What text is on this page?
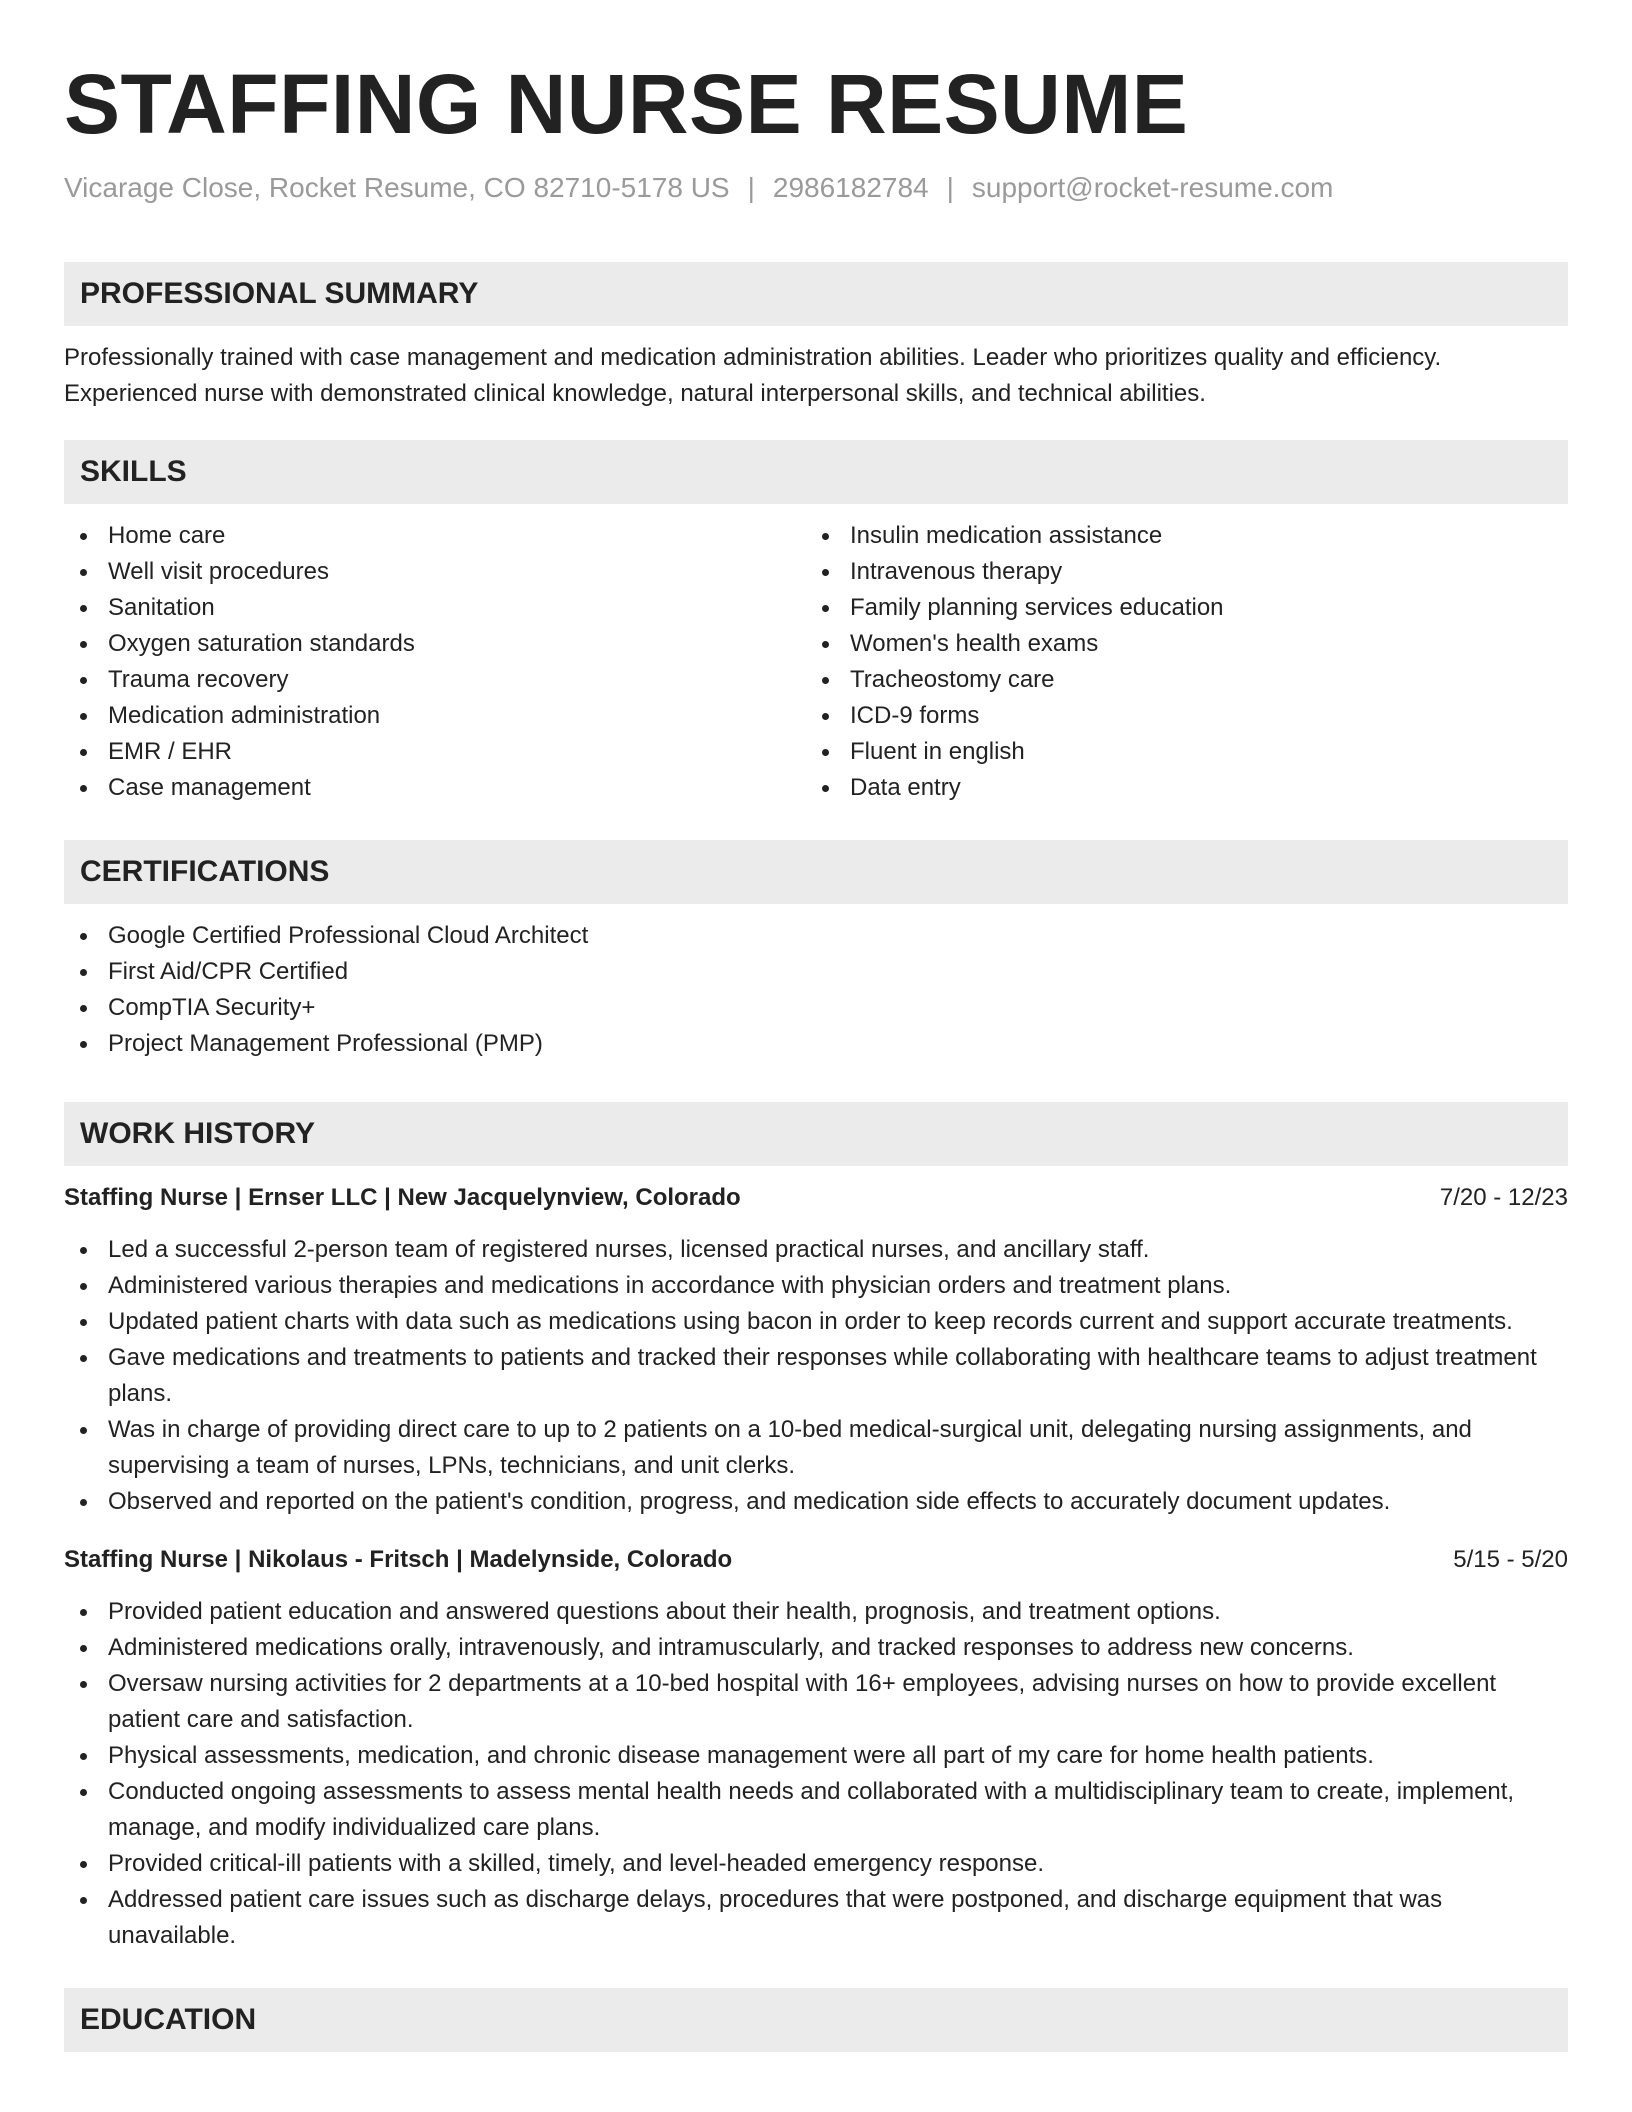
STAFFING NURSE RESUME
Vicarage Close, Rocket Resume, CO 82710-5178 US | 2986182784 | support@rocket-resume.com
PROFESSIONAL SUMMARY

Professionally trained with case management and medication administration abilities. Leader who prioritizes quality and efficiency. Experienced nurse with demonstrated clinical knowledge, natural interpersonal skills, and technical abilities.

SKILLS
Home care
Well visit procedures
Sanitation
Oxygen saturation standards
Trauma recovery
Medication administration
EMR / EHR
Case management
Insulin medication assistance
Intravenous therapy
Family planning services education
Women's health exams
Tracheostomy care
ICD-9 forms
Fluent in english
Data entry
CERTIFICATIONS
Google Certified Professional Cloud Architect
First Aid/CPR Certified
CompTIA Security+
Project Management Professional (PMP)
WORK HISTORY
Staffing Nurse | Ernser LLC | New Jacquelynview, Colorado	7/20 - 12/23
Led a successful 2-person team of registered nurses, licensed practical nurses, and ancillary staff.
Administered various therapies and medications in accordance with physician orders and treatment plans.
Updated patient charts with data such as medications using bacon in order to keep records current and support accurate treatments.
Gave medications and treatments to patients and tracked their responses while collaborating with healthcare teams to adjust treatment plans.
Was in charge of providing direct care to up to 2 patients on a 10-bed medical-surgical unit, delegating nursing assignments, and supervising a team of nurses, LPNs, technicians, and unit clerks.
Observed and reported on the patient's condition, progress, and medication side effects to accurately document updates.
Staffing Nurse | Nikolaus - Fritsch | Madelynside, Colorado	5/15 - 5/20
Provided patient education and answered questions about their health, prognosis, and treatment options.
Administered medications orally, intravenously, and intramuscularly, and tracked responses to address new concerns.
Oversaw nursing activities for 2 departments at a 10-bed hospital with 16+ employees, advising nurses on how to provide excellent patient care and satisfaction.
Physical assessments, medication, and chronic disease management were all part of my care for home health patients.
Conducted ongoing assessments to assess mental health needs and collaborated with a multidisciplinary team to create, implement, manage, and modify individualized care plans.
Provided critical-ill patients with a skilled, timely, and level-headed emergency response.
Addressed patient care issues such as discharge delays, procedures that were postponed, and discharge equipment that was unavailable.
EDUCATION
